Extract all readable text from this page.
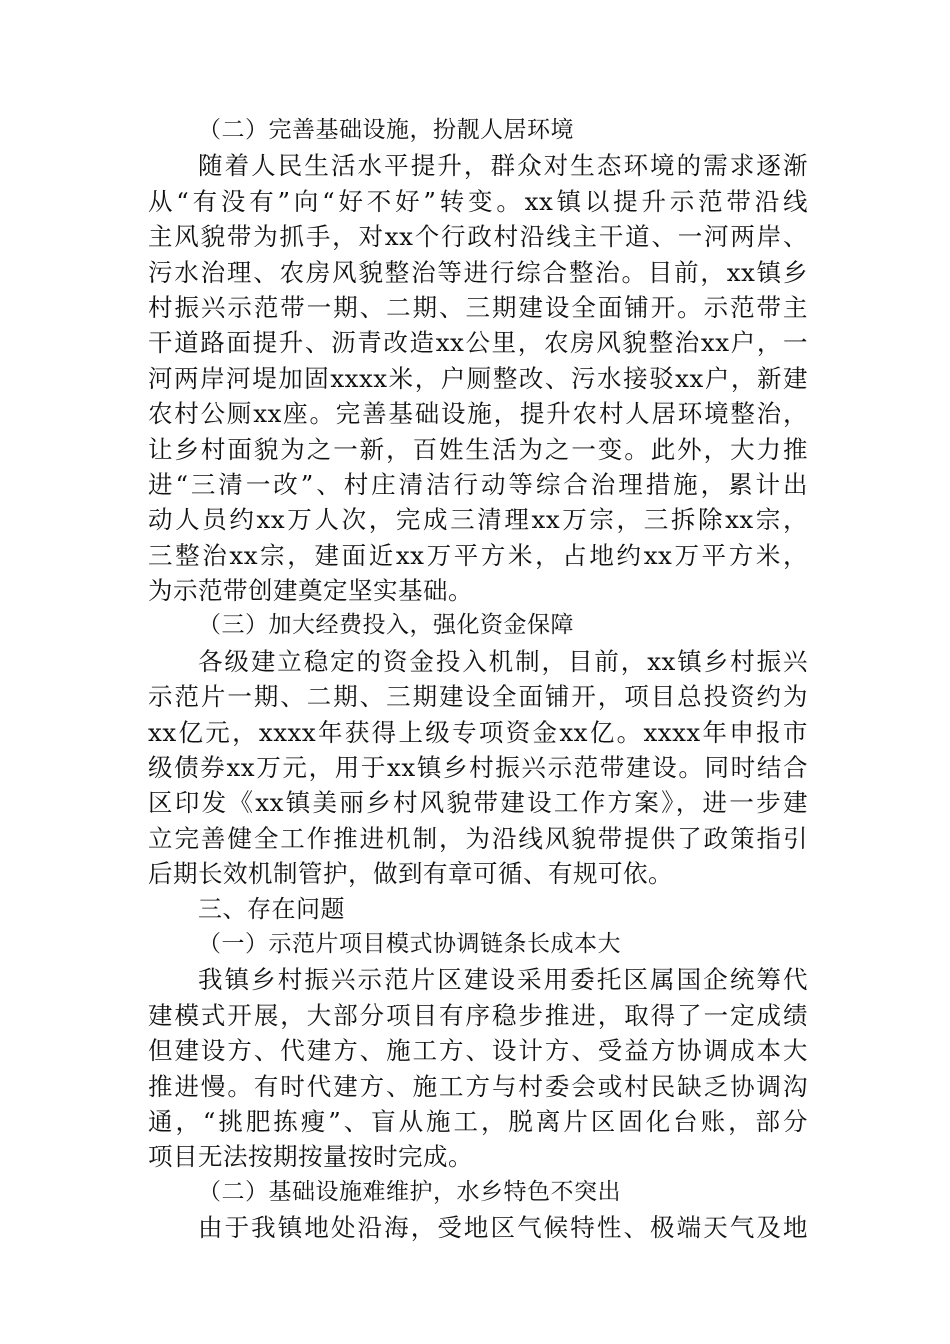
（二）完善基础设施，扮靓人居环境
随着人民生活水平提升，群众对生态环境的需求逐渐
从“有没有”向“好不好”转变。xx镇以提升示范带沿线
主风貌带为抓手，对xx个行政村沿线主干道、一河两岸、
污水治理、农房风貌整治等进行综合整治。目前，xx镇乡
村振兴示范带一期、二期、三期建设全面铺开。示范带主
干道路面提升、沥青改造xx公里，农房风貌整治xx户，一
河两岸河堤加固xxxx米，户厕整改、污水接驳xx户，新建
农村公厕xx座。完善基础设施，提升农村人居环境整治，
让乡村面貌为之一新，百姓生活为之一变。此外，大力推
进“三清一改”、村庄清洁行动等综合治理措施，累计出
动人员约xx万人次，完成三清理xx万宗，三拆除xx宗，
三整治xx宗，建面近xx万平方米，占地约xx万平方米，
为示范带创建奠定坚实基础。
（三）加大经费投入，强化资金保障
各级建立稳定的资金投入机制，目前，xx镇乡村振兴
示范片一期、二期、三期建设全面铺开，项目总投资约为
xx亿元，xxxx年获得上级专项资金xx亿。xxxx年申报市
级债券xx万元，用于xx镇乡村振兴示范带建设。同时结合
区印发《xx镇美丽乡村风貌带建设工作方案》，进一步建
立完善健全工作推进机制，为沿线风貌带提供了政策指引
后期长效机制管护，做到有章可循、有规可依。
三、存在问题
（一）示范片项目模式协调链条长成本大
我镇乡村振兴示范片区建设采用委托区属国企统筹代
建模式开展，大部分项目有序稳步推进，取得了一定成绩
但建设方、代建方、施工方、设计方、受益方协调成本大
推进慢。有时代建方、施工方与村委会或村民缺乏协调沟
通，“挑肥拣瘦”、盲从施工，脱离片区固化台账，部分
项目无法按期按量按时完成。
（二）基础设施难维护，水乡特色不突出
由于我镇地处沿海，受地区气候特性、极端天气及地
